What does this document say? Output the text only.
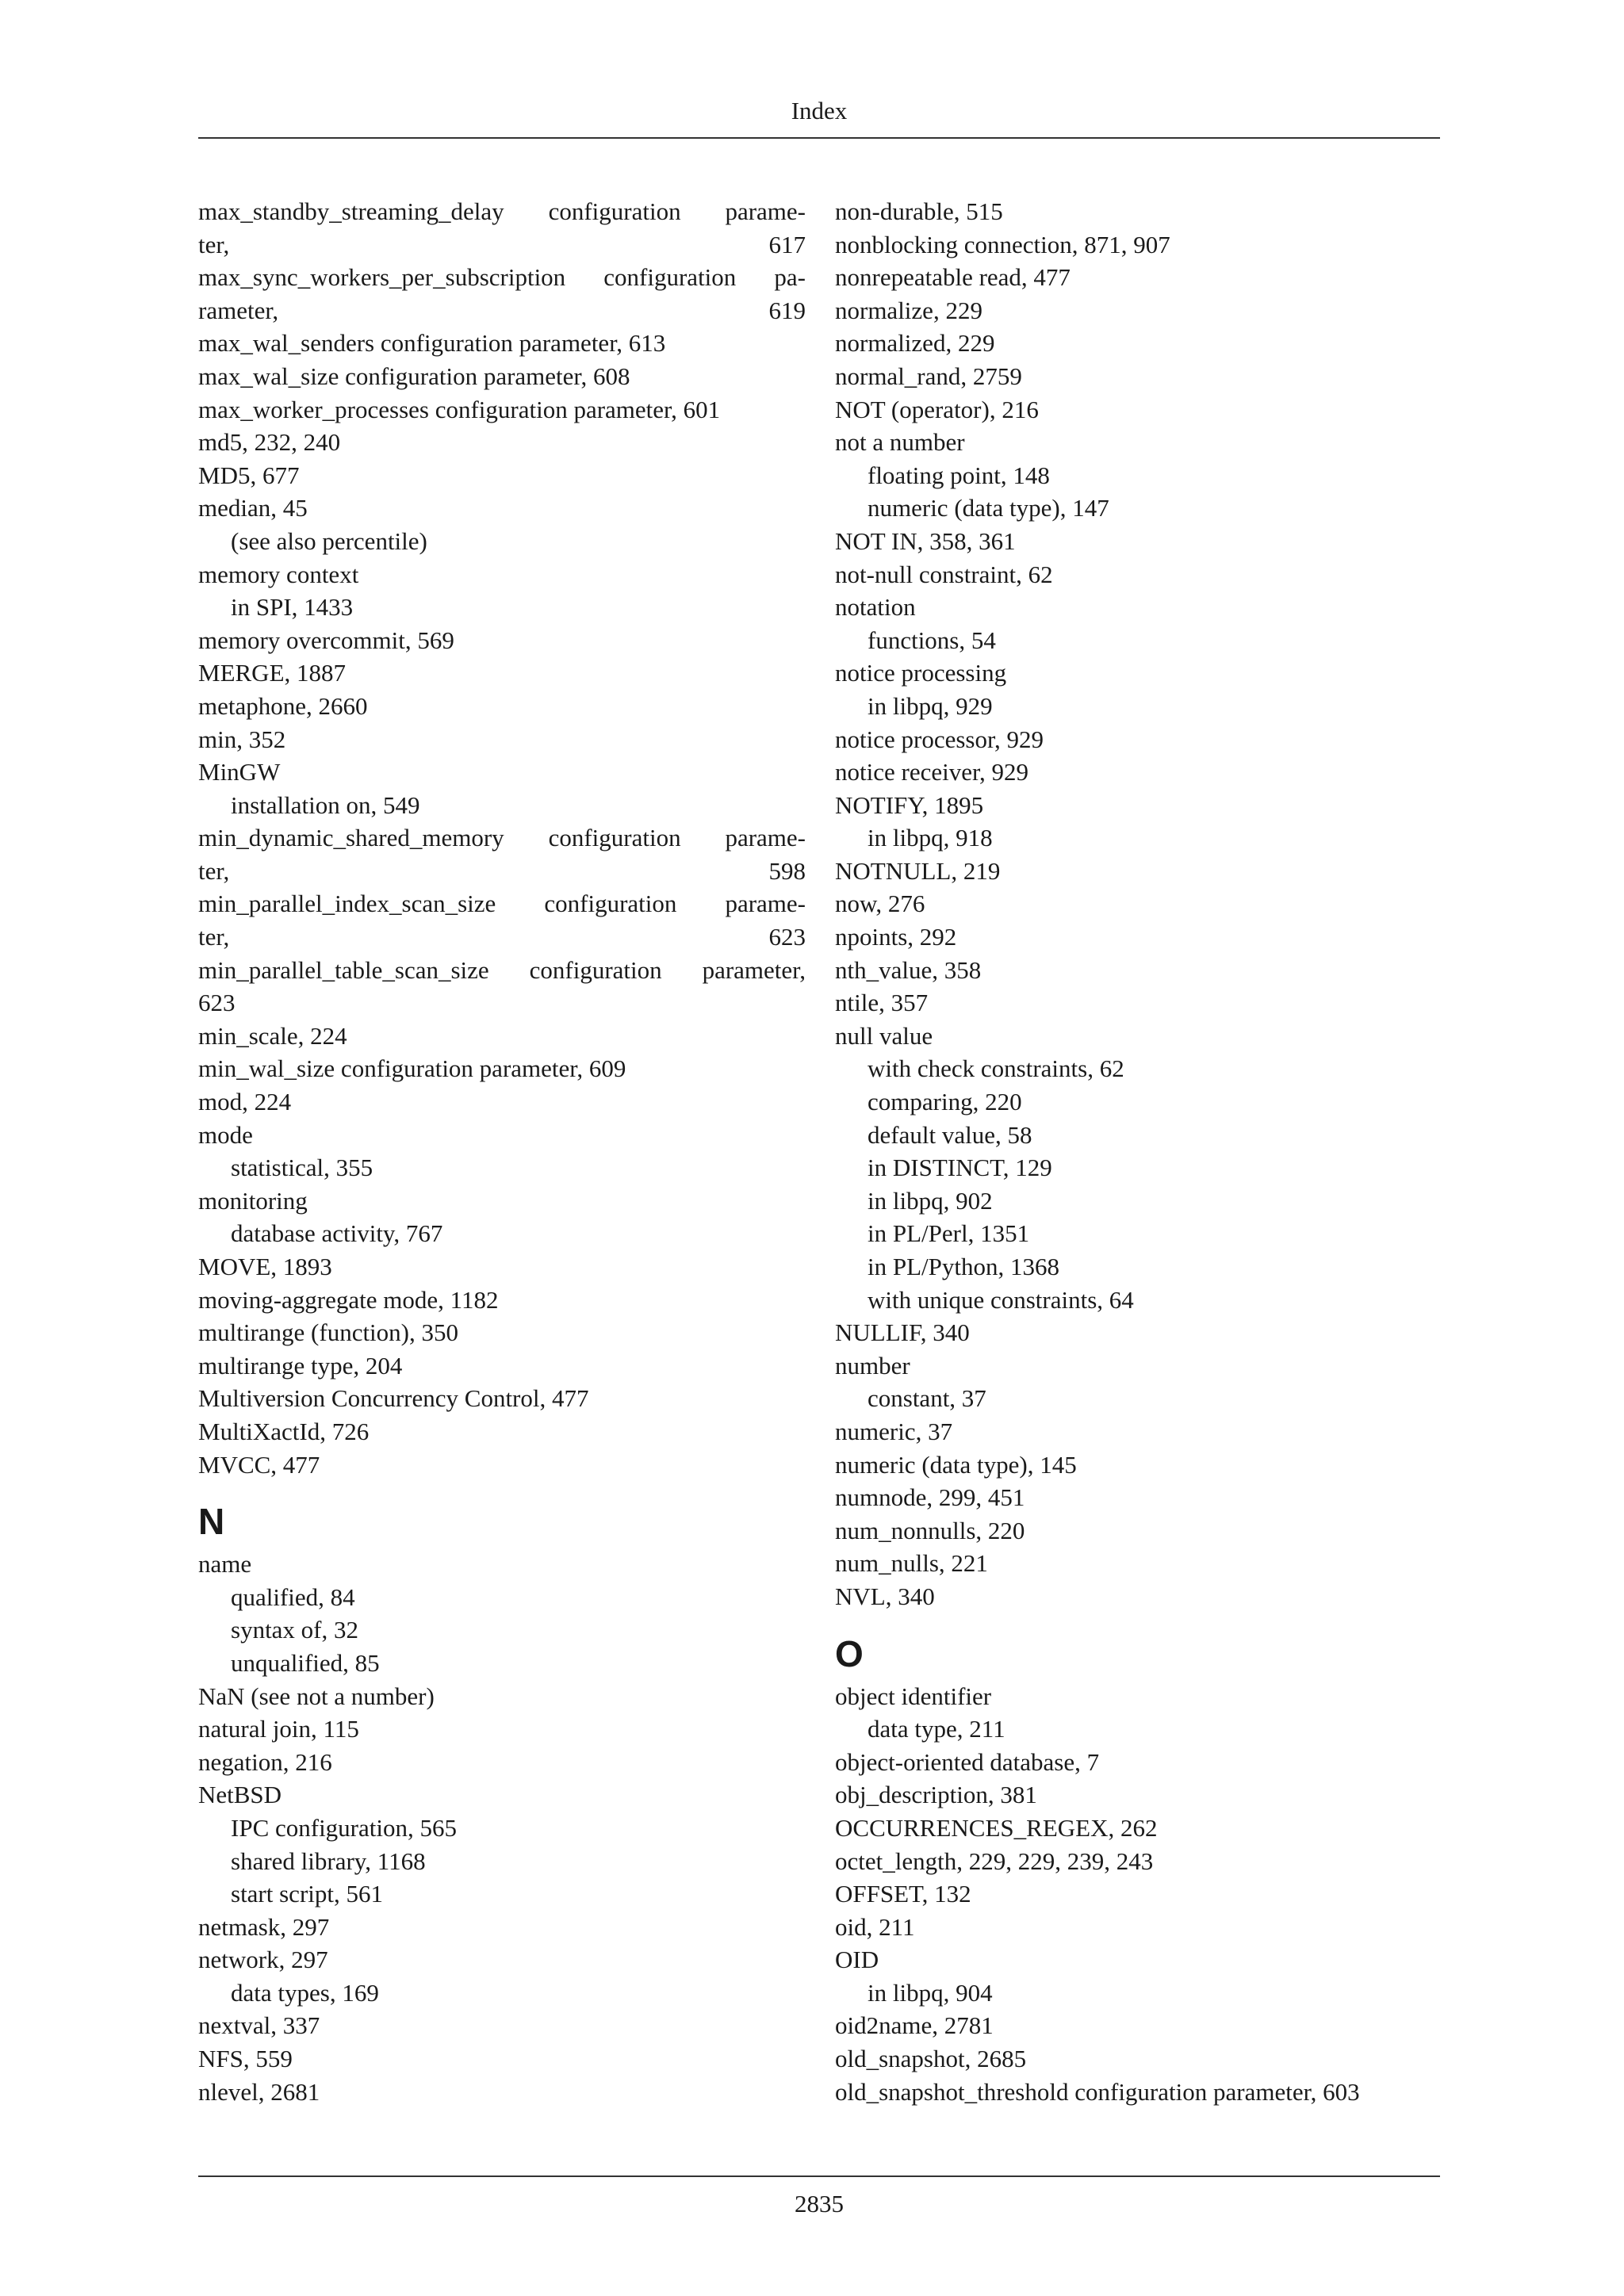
Index
max_standby_streaming_delay configuration parame-
ter, 617
max_sync_workers_per_subscription configuration pa-
rameter, 619
max_wal_senders configuration parameter, 613
max_wal_size configuration parameter, 608
max_worker_processes configuration parameter, 601
md5, 232, 240
MD5, 677
median, 45
(see also percentile)
memory context
in SPI, 1433
memory overcommit, 569
MERGE, 1887
metaphone, 2660
min, 352
MinGW
installation on, 549
min_dynamic_shared_memory configuration parame-
ter, 598
min_parallel_index_scan_size configuration parame-
ter, 623
min_parallel_table_scan_size configuration parameter,
623
min_scale, 224
min_wal_size configuration parameter, 609
mod, 224
mode
statistical, 355
monitoring
database activity, 767
MOVE, 1893
moving-aggregate mode, 1182
multirange (function), 350
multirange type, 204
Multiversion Concurrency Control, 477
MultiXactId, 726
MVCC, 477
N
name
qualified, 84
syntax of, 32
unqualified, 85
NaN (see not a number)
natural join, 115
negation, 216
NetBSD
IPC configuration, 565
shared library, 1168
start script, 561
netmask, 297
network, 297
data types, 169
nextval, 337
NFS, 559
nlevel, 2681
non-durable, 515
nonblocking connection, 871, 907
nonrepeatable read, 477
normalize, 229
normalized, 229
normal_rand, 2759
NOT (operator), 216
not a number
floating point, 148
numeric (data type), 147
NOT IN, 358, 361
not-null constraint, 62
notation
functions, 54
notice processing
in libpq, 929
notice processor, 929
notice receiver, 929
NOTIFY, 1895
in libpq, 918
NOTNULL, 219
now, 276
npoints, 292
nth_value, 358
ntile, 357
null value
with check constraints, 62
comparing, 220
default value, 58
in DISTINCT, 129
in libpq, 902
in PL/Perl, 1351
in PL/Python, 1368
with unique constraints, 64
NULLIF, 340
number
constant, 37
numeric, 37
numeric (data type), 145
numnode, 299, 451
num_nonnulls, 220
num_nulls, 221
NVL, 340
O
object identifier
data type, 211
object-oriented database, 7
obj_description, 381
OCCURRENCES_REGEX, 262
octet_length, 229, 229, 239, 243
OFFSET, 132
oid, 211
OID
in libpq, 904
oid2name, 2781
old_snapshot, 2685
old_snapshot_threshold configuration parameter, 603
2835
